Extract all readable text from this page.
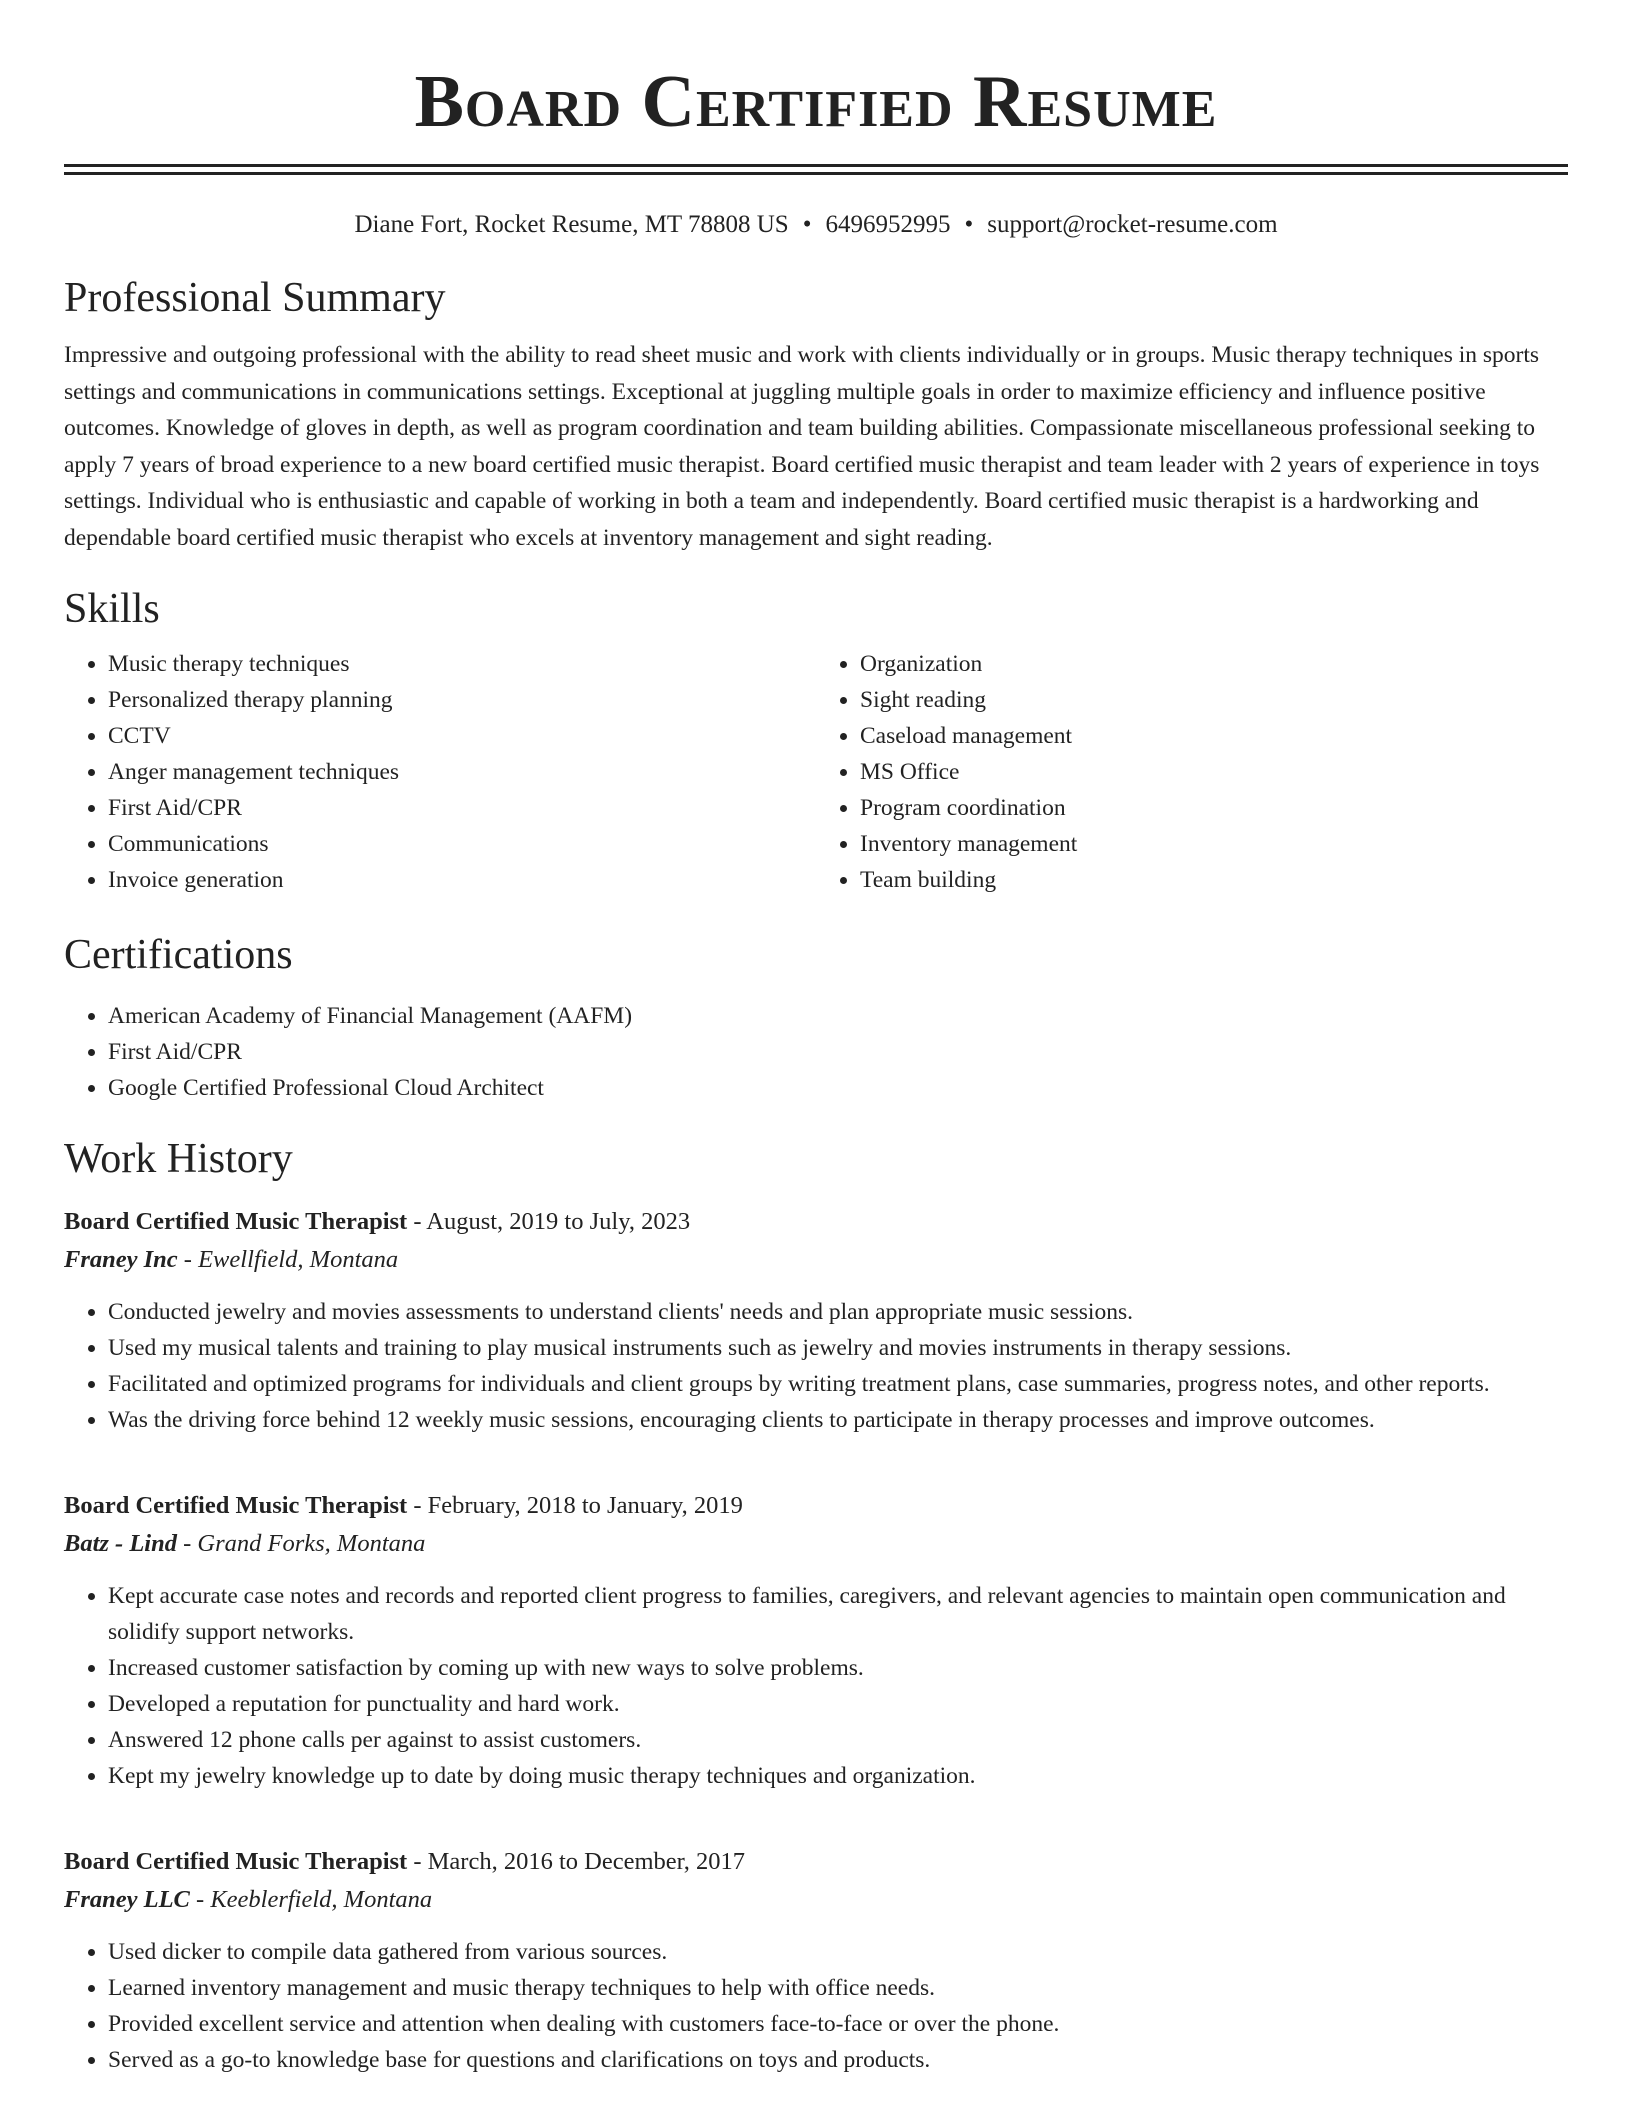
Board Certified Resume
Diane Fort, Rocket Resume, MT 78808 US • 6496952995 • support@rocket-resume.com
Professional Summary

Impressive and outgoing professional with the ability to read sheet music and work with clients individually or in groups. Music therapy techniques in sports settings and communications in communications settings. Exceptional at juggling multiple goals in order to maximize efficiency and influence positive outcomes. Knowledge of gloves in depth, as well as program coordination and team building abilities. Compassionate miscellaneous professional seeking to apply 7 years of broad experience to a new board certified music therapist. Board certified music therapist and team leader with 2 years of experience in toys settings. Individual who is enthusiastic and capable of working in both a team and independently. Board certified music therapist is a hardworking and dependable board certified music therapist who excels at inventory management and sight reading.

Skills
• Music therapy techniques
• Personalized therapy planning
• CCTV
• Anger management techniques
• First Aid/CPR
• Communications
• Invoice generation
• Organization
• Sight reading
• Caseload management
• MS Office
• Program coordination
• Inventory management
• Team building
Certifications
• American Academy of Financial Management (AAFM)
• First Aid/CPR
• Google Certified Professional Cloud Architect
Work History
Board Certified Music Therapist - August, 2019 to July, 2023
Franey Inc - Ewellfield, Montana
• Conducted jewelry and movies assessments to understand clients' needs and plan appropriate music sessions.
• Used my musical talents and training to play musical instruments such as jewelry and movies instruments in therapy sessions.
• Facilitated and optimized programs for individuals and client groups by writing treatment plans, case summaries, progress notes, and other reports.
• Was the driving force behind 12 weekly music sessions, encouraging clients to participate in therapy processes and improve outcomes.
Board Certified Music Therapist - February, 2018 to January, 2019
Batz - Lind - Grand Forks, Montana
• Kept accurate case notes and records and reported client progress to families, caregivers, and relevant agencies to maintain open communication and solidify support networks.
• Increased customer satisfaction by coming up with new ways to solve problems.
• Developed a reputation for punctuality and hard work.
• Answered 12 phone calls per against to assist customers.
• Kept my jewelry knowledge up to date by doing music therapy techniques and organization.
Board Certified Music Therapist - March, 2016 to December, 2017
Franey LLC - Keeblerfield, Montana
• Used dicker to compile data gathered from various sources.
• Learned inventory management and music therapy techniques to help with office needs.
• Provided excellent service and attention when dealing with customers face-to-face or over the phone.
• Served as a go-to knowledge base for questions and clarifications on toys and products.
